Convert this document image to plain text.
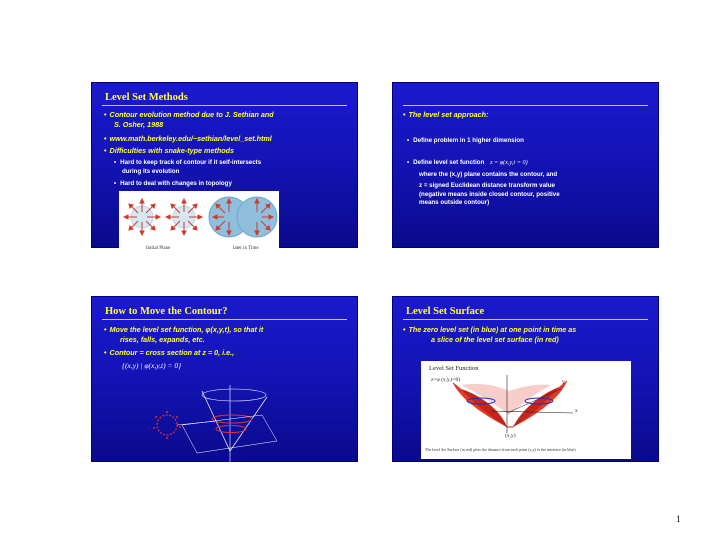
Level Set Methods
• Contour evolution method due to J. Sethian and
S. Osher, 1988
• www.math.berkeley.edu/~sethian/level_set.html
• Difficulties with snake-type methods
• Hard to keep track of contour if it self-intersects
during its evolution
• Hard to deal with changes in topology
Initial Plane	later in Time
• The level set approach:
• Define problem in 1 higher dimension
• Define level set function z = φ(x,y,t = 0)
where the (x,y) plane contains the contour, and
z = signed Euclidean distance transform value
(negative means inside closed contour, positive
means outside contour)
How to Move the Contour?
• Move the level set function, φ(x,y,t), so that it
rises, falls, expands, etc.
• Contour = cross section at z = 0, i.e.,
{(x,y) | φ(x,y,t) = 0}
Level Set Surface
• The zero level set (in blue) at one point in time as
a slice of the level set surface (in red)
Level Set Function
z=φ (x,y,t=0)	y
x
(x,y)
The level Set Surface (in red) plots the distance from each point (x,y) to the interface (in blue)
1
